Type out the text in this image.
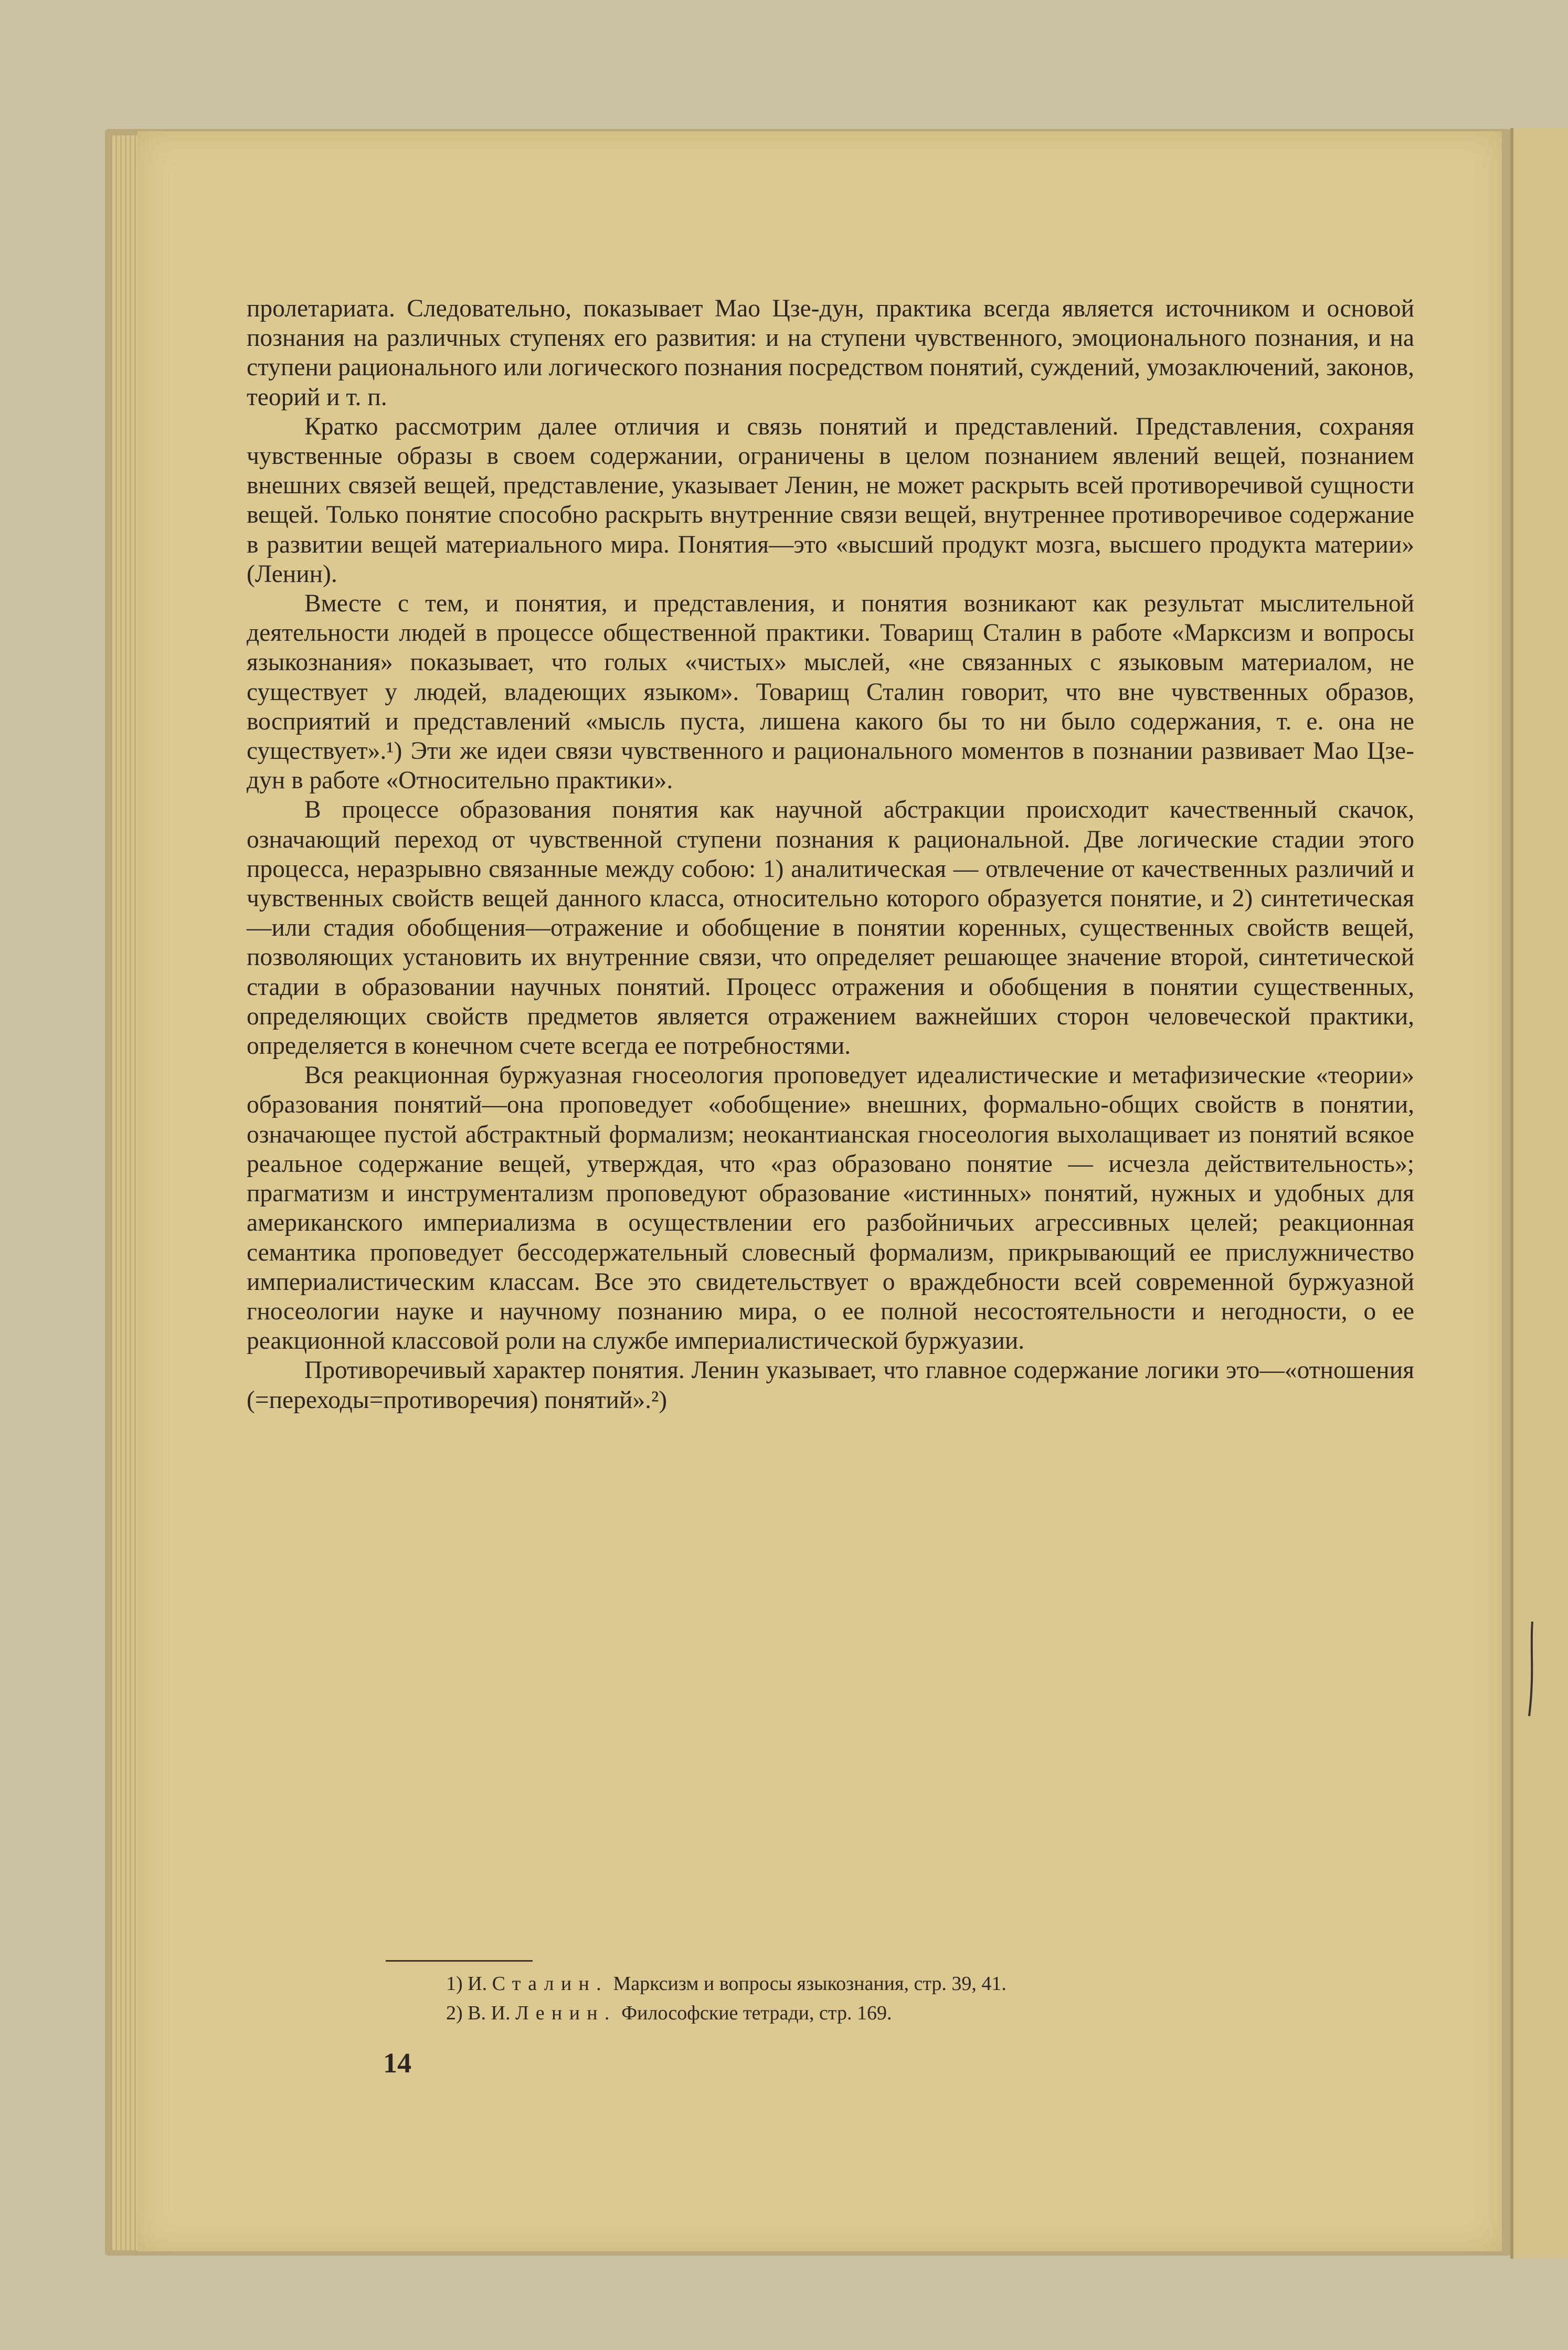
пролетариата. Следовательно, показывает Мао Цзе-дун, практика всегда является источником и основой познания на различных ступенях его развития: и на ступени чувственного, эмоционального познания, и на ступени рационального или логического познания посредством понятий, суждений, умозаключений, законов, теорий и т. п.

Кратко рассмотрим далее отличия и связь понятий и представлений. Представления, сохраняя чувственные образы в своем содержании, ограничены в целом познанием явлений вещей, познанием внешних связей вещей, представление, указывает Ленин, не может раскрыть всей противоречивой сущности вещей. Только понятие способно раскрыть внутренние связи вещей, внутреннее противоречивое содержание в развитии вещей материального мира. Понятия—это «высший продукт мозга, высшего продукта материи» (Ленин).

Вместе с тем, и понятия, и представления, и понятия возникают как результат мыслительной деятельности людей в процессе общественной практики. Товарищ Сталин в работе «Марксизм и вопросы языкознания» показывает, что голых «чистых» мыслей, «не связанных с языковым материалом, не существует у людей, владеющих языком». Товарищ Сталин говорит, что вне чувственных образов, восприятий и представлений «мысль пуста, лишена какого бы то ни было содержания, т. е. она не существует».¹) Эти же идеи связи чувственного и рационального моментов в познании развивает Мао Цзе-дун в работе «Относительно практики».

В процессе образования понятия как научной абстракции происходит качественный скачок, означающий переход от чувственной ступени познания к рациональной. Две логические стадии этого процесса, неразрывно связанные между собою: 1) аналитическая — отвлечение от качественных различий и чувственных свойств вещей данного класса, относительно которого образуется понятие, и 2) синтетическая—или стадия обобщения—отражение и обобщение в понятии коренных, существенных свойств вещей, позволяющих установить их внутренние связи, что определяет решающее значение второй, синтетической стадии в образовании научных понятий. Процесс отражения и обобщения в понятии существенных, определяющих свойств предметов является отражением важнейших сторон человеческой практики, определяется в конечном счете всегда ее потребностями.

Вся реакционная буржуазная гносеология проповедует идеалистические и метафизические «теории» образования понятий—она проповедует «обобщение» внешних, формально-общих свойств в понятии, означающее пустой абстрактный формализм; неокантианская гносеология выхолащивает из понятий всякое реальное содержание вещей, утверждая, что «раз образовано понятие — исчезла действительность»; прагматизм и инструментализм проповедуют образование «истинных» понятий, нужных и удобных для американского империализма в осуществлении его разбойничьих агрессивных целей; реакционная семантика проповедует бессодержательный словесный формализм, прикрывающий ее прислужничество империалистическим классам. Все это свидетельствует о враждебности всей современной буржуазной гносеологии науке и научному познанию мира, о ее полной несостоятельности и негодности, о ее реакционной классовой роли на службе империалистической буржуазии.

Противоречивый характер понятия. Ленин указывает, что главное содержание логики это—«отношения (=переходы=противоречия) понятий».²)

1) И. Сталин. Марксизм и вопросы языкознания, стр. 39, 41.
2) В. И. Ленин. Философские тетради, стр. 169.
14
